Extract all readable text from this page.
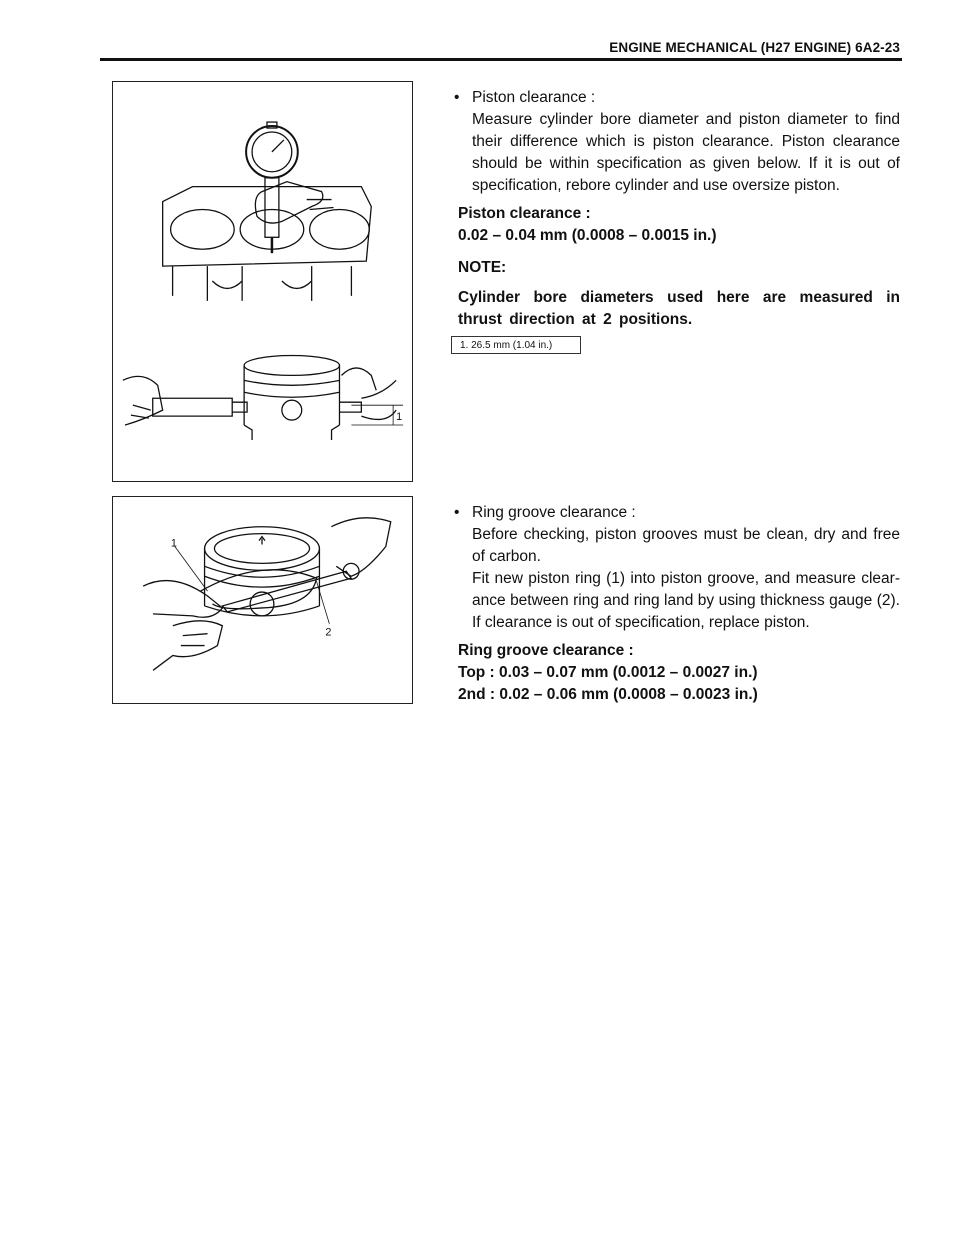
ENGINE MECHANICAL (H27 ENGINE) 6A2-23
1
1
2
• Piston clearance :
Measure cylinder bore diameter and piston diameter to find their difference which is piston clearance. Piston clearance should be within specification as given below. If it is out of specification, rebore cylinder and use oversize piston.
Piston clearance :
0.02 – 0.04 mm (0.0008 – 0.0015 in.)
NOTE:
Cylinder bore diameters used here are measured in thrust direction at 2 positions.
1. 26.5 mm (1.04 in.)
• Ring groove clearance :
Before checking, piston grooves must be clean, dry and free of carbon.
Fit new piston ring (1) into piston groove, and measure clear-ance between ring and ring land by using thickness gauge (2). If clearance is out of specification, replace piston.
Ring groove clearance :
Top : 0.03 – 0.07 mm (0.0012 – 0.0027 in.)
2nd : 0.02 – 0.06 mm (0.0008 – 0.0023 in.)
